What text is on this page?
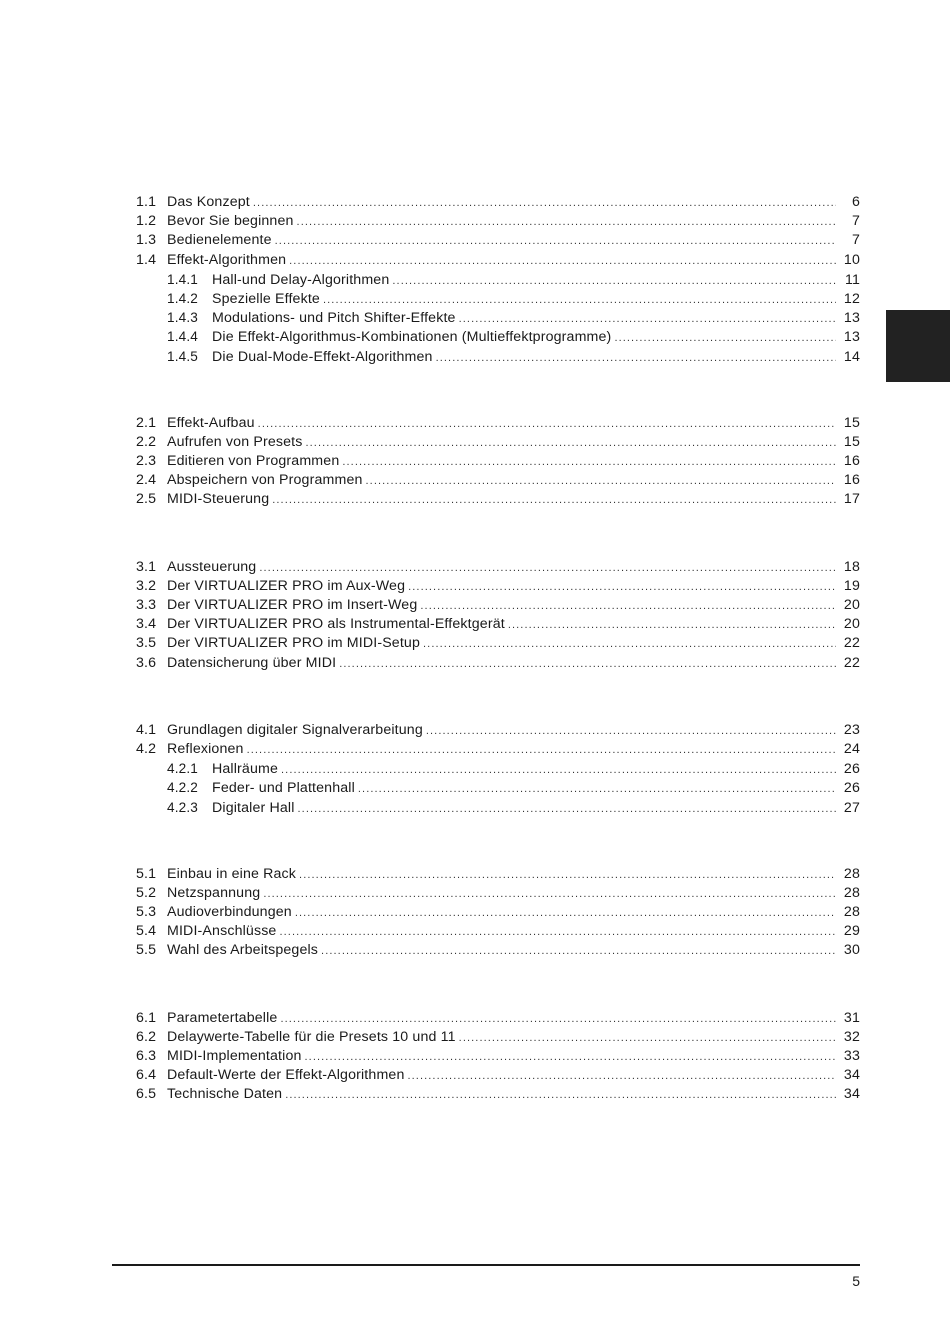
1.1 Das Konzept .....	6
1.2 Bevor Sie beginnen .....	7
1.3 Bedienelemente .....	7
1.4 Effekt-Algorithmen .....	10
1.4.1 Hall-und Delay-Algorithmen .....	11
1.4.2 Spezielle Effekte .....	12
1.4.3 Modulations- und Pitch Shifter-Effekte .....	13
1.4.4 Die Effekt-Algorithmus-Kombinationen (Multieffektprogramme) .....	13
1.4.5 Die Dual-Mode-Effekt-Algorithmen .....	14
2.1 Effekt-Aufbau .....	15
2.2 Aufrufen von Presets .....	15
2.3 Editieren von Programmen .....	16
2.4 Abspeichern von Programmen .....	16
2.5 MIDI-Steuerung .....	17
3.1 Aussteuerung .....	18
3.2 Der VIRTUALIZER PRO im Aux-Weg .....	19
3.3 Der VIRTUALIZER PRO im Insert-Weg .....	20
3.4 Der VIRTUALIZER PRO als Instrumental-Effektgerät .....	20
3.5 Der VIRTUALIZER PRO im MIDI-Setup .....	22
3.6 Datensicherung über MIDI .....	22
4.1 Grundlagen digitaler Signalverarbeitung .....	23
4.2 Reflexionen .....	24
4.2.1 Hallräume .....	26
4.2.2 Feder- und Plattenhall .....	26
4.2.3 Digitaler Hall .....	27
5.1 Einbau in eine Rack .....	28
5.2 Netzspannung .....	28
5.3 Audioverbindungen .....	28
5.4 MIDI-Anschlüsse .....	29
5.5 Wahl des Arbeitspegels .....	30
6.1 Parametertabelle .....	31
6.2 Delaywerte-Tabelle für die Presets 10 und 11 .....	32
6.3 MIDI-Implementation .....	33
6.4 Default-Werte der Effekt-Algorithmen .....	34
6.5 Technische Daten .....	34
5
